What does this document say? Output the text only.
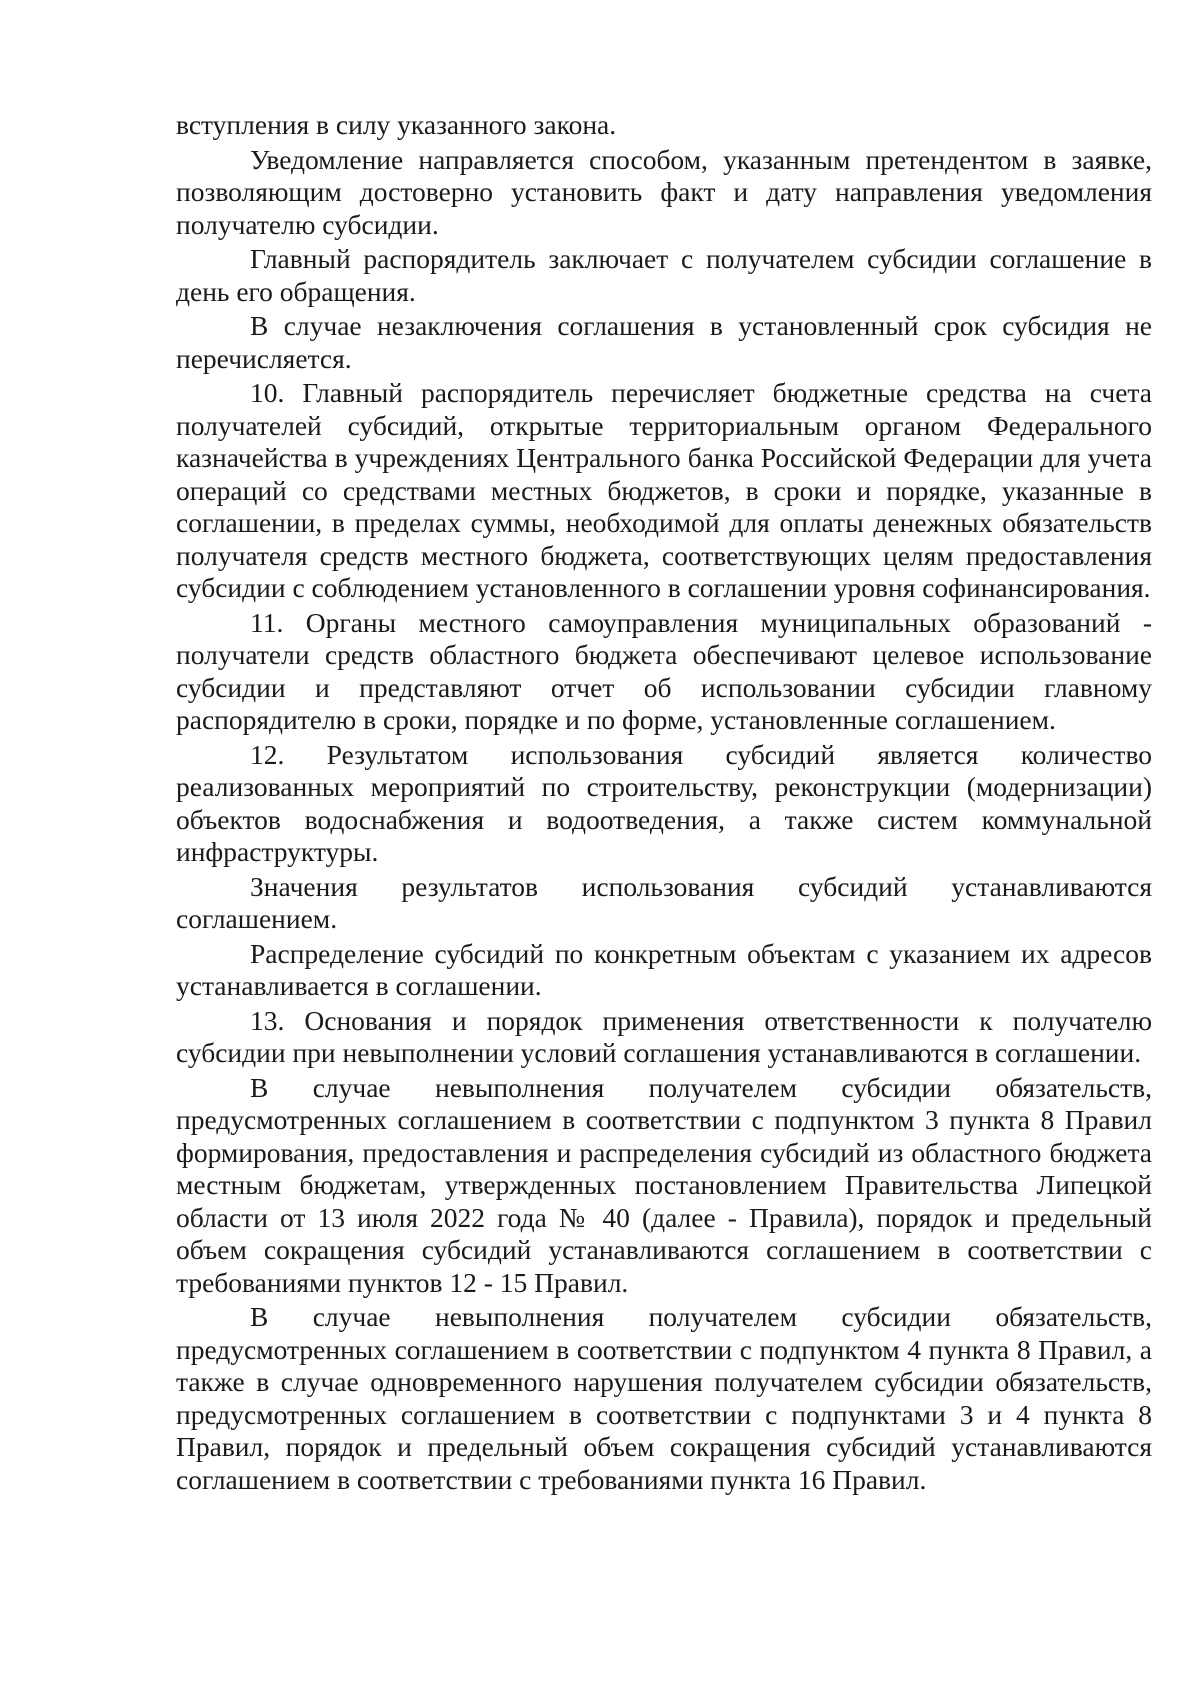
вступления в силу указанного закона.

Уведомление направляется способом, указанным претендентом в заявке, позволяющим достоверно установить факт и дату направления уведомления получателю субсидии.

Главный распорядитель заключает с получателем субсидии соглашение в день его обращения.

В случае незаключения соглашения в установленный срок субсидия не перечисляется.

10. Главный распорядитель перечисляет бюджетные средства на счета получателей субсидий, открытые территориальным органом Федерального казначейства в учреждениях Центрального банка Российской Федерации для учета операций со средствами местных бюджетов, в сроки и порядке, указанные в соглашении, в пределах суммы, необходимой для оплаты денежных обязательств получателя средств местного бюджета, соответствующих целям предоставления субсидии с соблюдением установленного в соглашении уровня софинансирования.

11. Органы местного самоуправления муниципальных образований - получатели средств областного бюджета обеспечивают целевое использование субсидии и представляют отчет об использовании субсидии главному распорядителю в сроки, порядке и по форме, установленные соглашением.

12. Результатом использования субсидий является количество реализованных мероприятий по строительству, реконструкции (модернизации) объектов водоснабжения и водоотведения, а также систем коммунальной инфраструктуры.

Значения результатов использования субсидий устанавливаются соглашением.

Распределение субсидий по конкретным объектам с указанием их адресов устанавливается в соглашении.

13. Основания и порядок применения ответственности к получателю субсидии при невыполнении условий соглашения устанавливаются в соглашении.

В случае невыполнения получателем субсидии обязательств, предусмотренных соглашением в соответствии с подпунктом 3 пункта 8 Правил формирования, предоставления и распределения субсидий из областного бюджета местным бюджетам, утвержденных постановлением Правительства Липецкой области от 13 июля 2022 года № 40 (далее - Правила), порядок и предельный объем сокращения субсидий устанавливаются соглашением в соответствии с требованиями пунктов 12 - 15 Правил.

В случае невыполнения получателем субсидии обязательств, предусмотренных соглашением в соответствии с подпунктом 4 пункта 8 Правил, а также в случае одновременного нарушения получателем субсидии обязательств, предусмотренных соглашением в соответствии с подпунктами 3 и 4 пункта 8 Правил, порядок и предельный объем сокращения субсидий устанавливаются соглашением в соответствии с требованиями пункта 16 Правил.
